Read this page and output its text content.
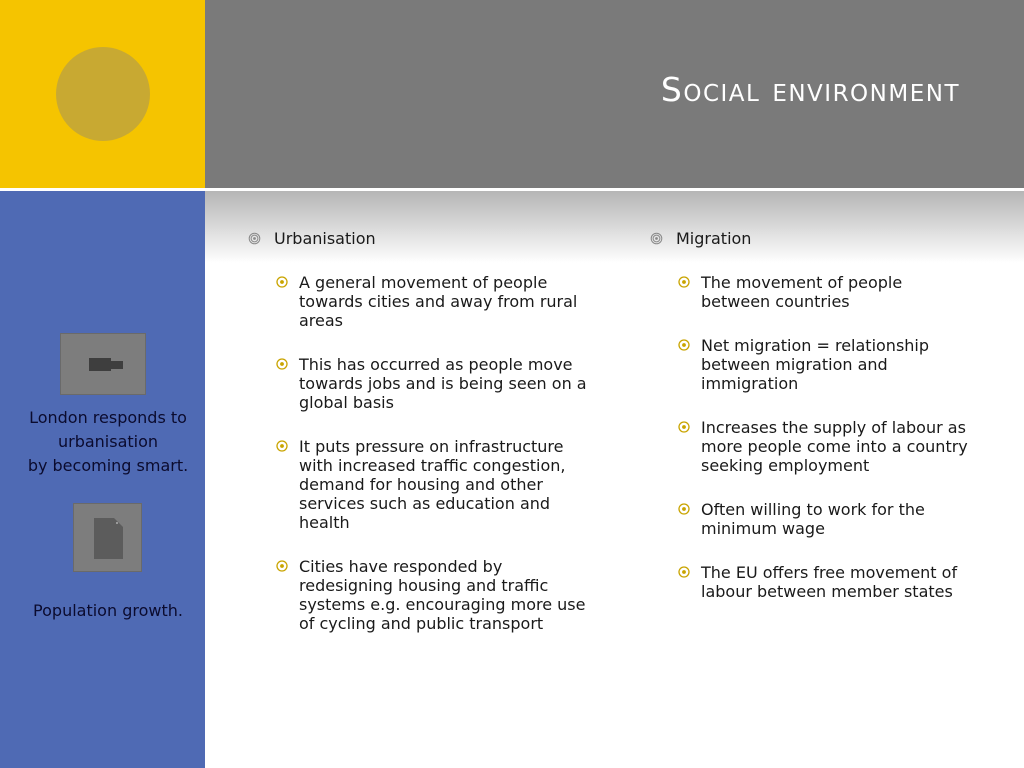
Social environment
London responds to
urbanisation
by becoming smart.
Population growth.
Urbanisation
A general movement of people
towards cities and away from rural
areas
This has occurred as people move
towards jobs and is being seen on a
global basis
It puts pressure on infrastructure
with increased traffic congestion,
demand for housing and other
services such as education and
health
Cities have responded by
redesigning housing and traffic
systems e.g. encouraging more use
of cycling and public transport
Migration
The movement of people
between countries
Net migration = relationship
between migration and
immigration
Increases the supply of labour as
more people come into a country
seeking employment
Often willing to work for the
minimum wage
The EU offers free movement of
labour between member states
